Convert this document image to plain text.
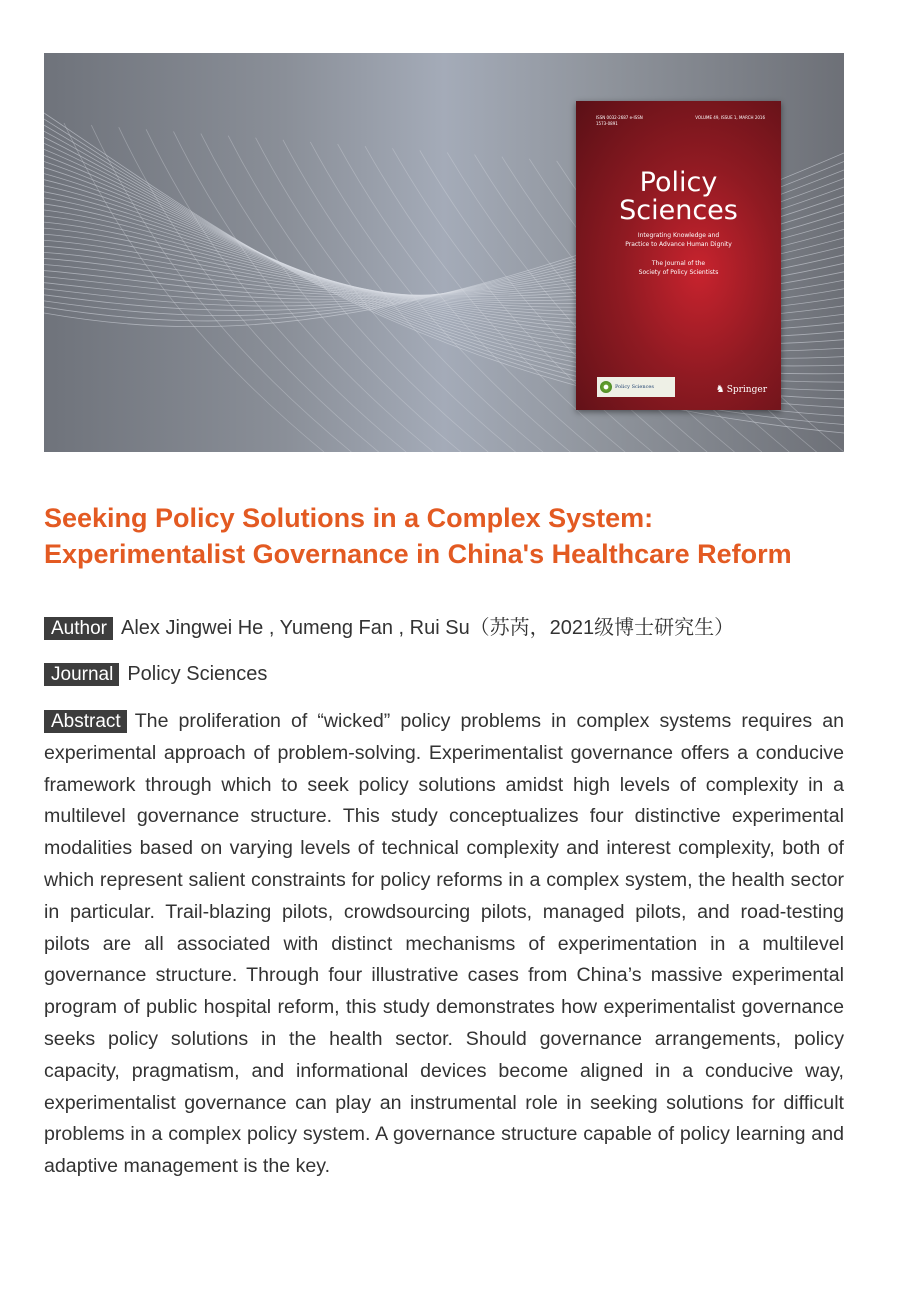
ISSN 0032-2687 e-ISSN 1573-0891
VOLUME 49, ISSUE 1, MARCH 2016
Policy
Sciences
Integrating Knowledge and
Practice to Advance Human Dignity
The Journal of the
Society of Policy Scientists
Policy Sciences	♞ Springer
Seeking Policy Solutions in a Complex System:
Experimentalist Governance in China's Healthcare Reform
Author Alex Jingwei He , Yumeng Fan , Rui Su（苏芮，2021级博士研究生）
Journal Policy Sciences

Abstract The proliferation of “wicked” policy problems in complex systems requires an experimental approach of problem-solving. Experimentalist governance offers a conducive framework through which to seek policy solutions amidst high levels of complexity in a multilevel governance structure. This study conceptualizes four distinctive experimental modalities based on varying levels of technical complexity and interest complexity, both of which represent salient constraints for policy reforms in a complex system, the health sector in particular. Trail-blazing pilots, crowdsourcing pilots, managed pilots, and road-testing pilots are all associated with distinct mechanisms of experimentation in a multilevel governance structure. Through four illustrative cases from China’s massive experimental program of public hospital reform, this study demonstrates how experimentalist governance seeks policy solutions in the health sector. Should governance arrangements, policy capacity, pragmatism, and informational devices become aligned in a conducive way, experimentalist governance can play an instrumental role in seeking solutions for difficult problems in a complex policy system. A governance structure capable of policy learning and adaptive management is the key.
